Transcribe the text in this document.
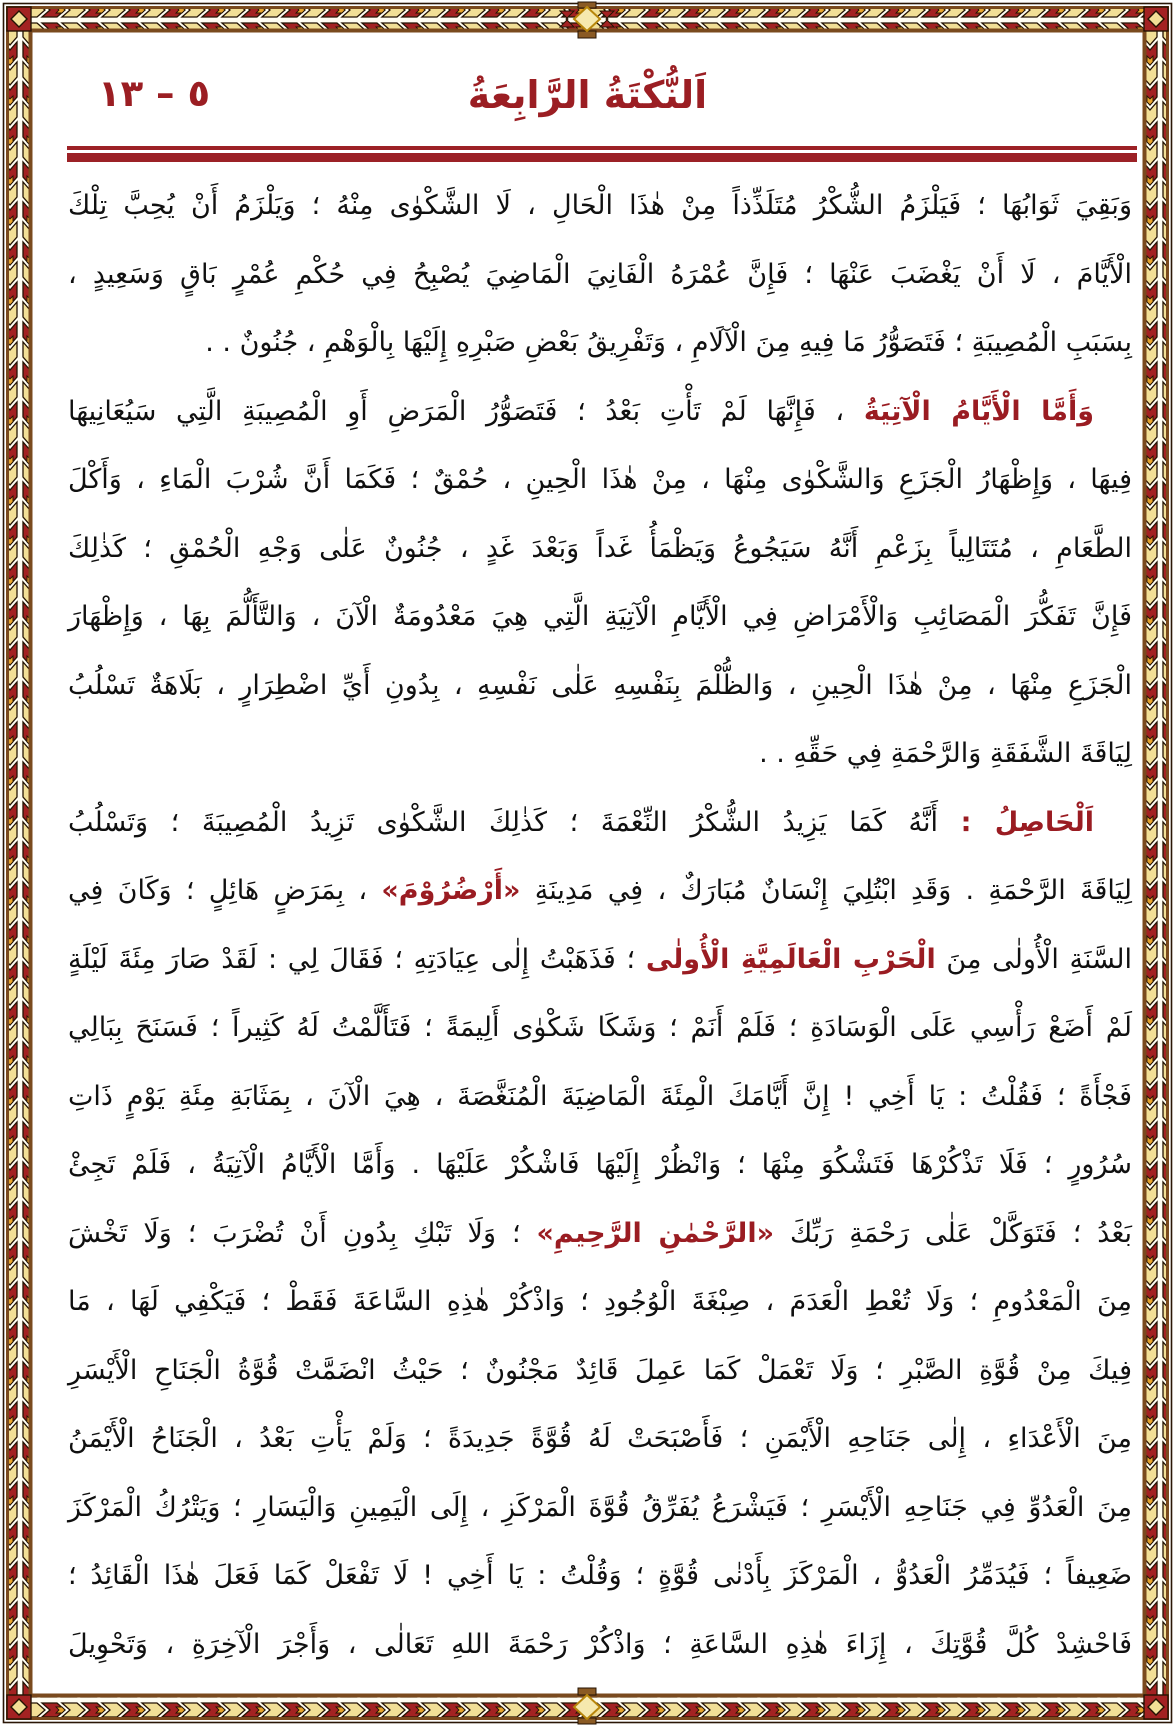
٥ – ١٣	اَلنُّكْتَةُ الرَّابِعَةُ
وَبَقِيَ ثَوَابُهَا ؛ فَيَلْزَمُ الشُّكْرُ مُتَلَذِّذاً مِنْ هٰذَا الْحَالِ ، لَا الشَّكْوٰى مِنْهُ ؛ وَيَلْزَمُ أَنْ يُحِبَّ تِلْكَ
الْأَيَّامَ ، لَا أَنْ يَغْضَبَ عَنْهَا ؛ فَإِنَّ عُمْرَهُ الْفَانِيَ الْمَاضِيَ يُصْبِحُ فِي حُكْمِ عُمْرٍ بَاقٍ وَسَعِيدٍ ،
بِسَبَبِ الْمُصِيبَةِ ؛ فَتَصَوُّرُ مَا فِيهِ مِنَ الْآلَامِ ، وَتَفْرِيقُ بَعْضِ صَبْرِهِ إِلَيْهَا بِالْوَهْمِ ، جُنُونٌ . .
وَأَمَّا الْأَيَّامُ الْآتِيَةُ ، فَإِنَّهَا لَمْ تَأْتِ بَعْدُ ؛ فَتَصَوُّرُ الْمَرَضِ أَوِ الْمُصِيبَةِ الَّتِي سَيُعَانِيهَا
فِيهَا ، وَإِظْهَارُ الْجَزَعِ وَالشَّكْوٰى مِنْهَا ، مِنْ هٰذَا الْحِينِ ، حُمْقٌ ؛ فَكَمَا أَنَّ شُرْبَ الْمَاءِ ، وَأَكْلَ
الطَّعَامِ ، مُتَتَالِياً بِزَعْمِ أَنَّهُ سَيَجُوعُ وَيَظْمَأُ غَداً وَبَعْدَ غَدٍ ، جُنُونٌ عَلٰى وَجْهِ الْحُمْقِ ؛ كَذٰلِكَ
فَإِنَّ تَفَكُّرَ الْمَصَائِبِ وَالْأَمْرَاضِ فِي الْأَيَّامِ الْآتِيَةِ الَّتِي هِيَ مَعْدُومَةٌ الْآنَ ، وَالتَّأَلُّمَ بِهَا ، وَإِظْهَارَ
الْجَزَعِ مِنْهَا ، مِنْ هٰذَا الْحِينِ ، وَالظُّلْمَ بِنَفْسِهِ عَلٰى نَفْسِهِ ، بِدُونِ أَيِّ اضْطِرَارٍ ، بَلَاهَةٌ تَسْلُبُ
لِيَاقَةَ الشَّفَقَةِ وَالرَّحْمَةِ فِي حَقِّهِ . .
اَلْحَاصِلُ : أَنَّهُ كَمَا يَزِيدُ الشُّكْرُ النِّعْمَةَ ؛ كَذٰلِكَ الشَّكْوٰى تَزِيدُ الْمُصِيبَةَ ؛ وَتَسْلُبُ
لِيَاقَةَ الرَّحْمَةِ . وَقَدِ ابْتُلِيَ إِنْسَانٌ مُبَارَكٌ ، فِي مَدِينَةِ «أَرْضُرُوْمَ» ، بِمَرَضٍ هَائِلٍ ؛ وَكَانَ فِي
السَّنَةِ الْأُولٰى مِنَ الْحَرْبِ الْعَالَمِيَّةِ الْأُولٰى ؛ فَذَهَبْتُ إِلٰى عِيَادَتِهِ ؛ فَقَالَ لِي : لَقَدْ صَارَ مِئَةَ لَيْلَةٍ
لَمْ أَضَعْ رَأْسِي عَلَى الْوَسَادَةِ ؛ فَلَمْ أَنَمْ ؛ وَشَكَا شَكْوٰى أَلِيمَةً ؛ فَتَأَلَّمْتُ لَهُ كَثِيراً ؛ فَسَنَحَ بِبَالِي
فَجْأَةً ؛ فَقُلْتُ : يَا أَخِي ! إِنَّ أَيَّامَكَ الْمِئَةَ الْمَاضِيَةَ الْمُنَغَّصَةَ ، هِيَ الْآنَ ، بِمَثَابَةِ مِئَةِ يَوْمٍ ذَاتِ
سُرُورٍ ؛ فَلَا تَذْكُرْهَا فَتَشْكُوَ مِنْهَا ؛ وَانْظُرْ إِلَيْهَا فَاشْكُرْ عَلَيْهَا . وَأَمَّا الْأَيَّامُ الْآتِيَةُ ، فَلَمْ تَجِئْ
بَعْدُ ؛ فَتَوَكَّلْ عَلٰى رَحْمَةِ رَبِّكَ «الرَّحْمٰنِ الرَّحِيمِ» ؛ وَلَا تَبْكِ بِدُونِ أَنْ تُضْرَبَ ؛ وَلَا تَخْشَ
مِنَ الْمَعْدُومِ ؛ وَلَا تُعْطِ الْعَدَمَ ، صِبْغَةَ الْوُجُودِ ؛ وَاذْكُرْ هٰذِهِ السَّاعَةَ فَقَطْ ؛ فَيَكْفِي لَهَا ، مَا
فِيكَ مِنْ قُوَّةِ الصَّبْرِ ؛ وَلَا تَعْمَلْ كَمَا عَمِلَ قَائِدٌ مَجْنُونٌ ؛ حَيْثُ انْضَمَّتْ قُوَّةُ الْجَنَاحِ الْأَيْسَرِ
مِنَ الْأَعْدَاءِ ، إِلٰى جَنَاحِهِ الْأَيْمَنِ ؛ فَأَصْبَحَتْ لَهُ قُوَّةً جَدِيدَةً ؛ وَلَمْ يَأْتِ بَعْدُ ، الْجَنَاحُ الْأَيْمَنُ
مِنَ الْعَدُوِّ فِي جَنَاحِهِ الْأَيْسَرِ ؛ فَيَشْرَعُ يُفَرِّقُ قُوَّةَ الْمَرْكَزِ ، إِلَى الْيَمِينِ وَالْيَسَارِ ؛ وَيَتْرُكُ الْمَرْكَزَ
ضَعِيفاً ؛ فَيُدَمِّرُ الْعَدُوُّ ، الْمَرْكَزَ بِأَدْنٰى قُوَّةٍ ؛ وَقُلْتُ : يَا أَخِي ! لَا تَفْعَلْ كَمَا فَعَلَ هٰذَا الْقَائِدُ ؛
فَاحْشِدْ كُلَّ قُوَّتِكَ ، إِزَاءَ هٰذِهِ السَّاعَةِ ؛ وَاذْكُرْ رَحْمَةَ اللهِ تَعَالٰى ، وَأَجْرَ الْآخِرَةِ ، وَتَحْوِيلَ
